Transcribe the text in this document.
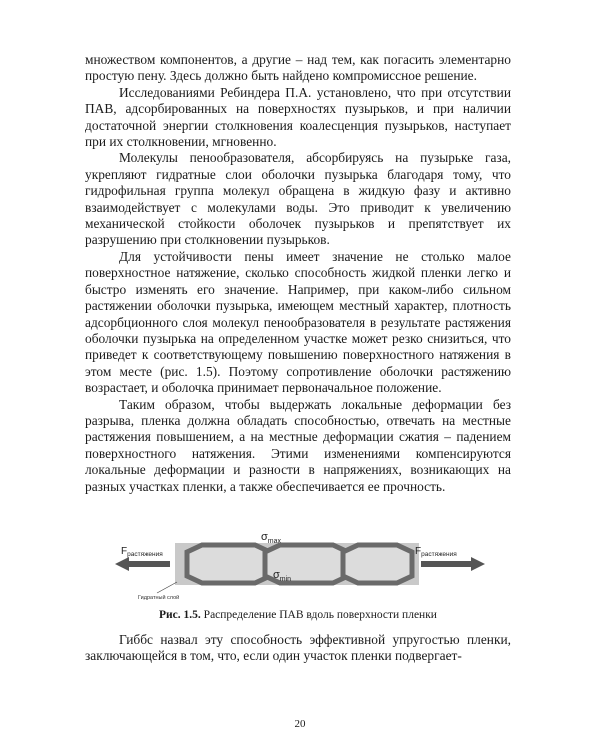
множеством компонентов, а другие – над тем, как погасить элементарно простую пену. Здесь должно быть найдено компромиссное решение.

Исследованиями Ребиндера П.А. установлено, что при отсутствии ПАВ, адсорбированных на поверхностях пузырьков, и при наличии достаточной энергии столкновения коалесценция пузырьков, наступает при их столкновении, мгновенно.

Молекулы пенообразователя, абсорбируясь на пузырьке газа, укрепляют гидратные слои оболочки пузырька благодаря тому, что гидрофильная группа молекул обращена в жидкую фазу и активно взаимодействует с молекулами воды. Это приводит к увеличению механической стойкости оболочек пузырьков и препятствует их разрушению при столкновении пузырьков.

Для устойчивости пены имеет значение не столько малое поверхностное натяжение, сколько способность жидкой пленки легко и быстро изменять его значение. Например, при каком-либо сильном растяжении оболочки пузырька, имеющем местный характер, плотность адсорбционного слоя молекул пенообразователя в результате растяжения оболочки пузырька на определенном участке может резко снизиться, что приведет к соответствующему повышению поверхностного натяжения в этом месте (рис. 1.5). Поэтому сопротивление оболочки растяжению возрастает, и оболочка принимает первоначальное положение.

Таким образом, чтобы выдержать локальные деформации без разрыва, пленка должна обладать способностью, отвечать на местные растяжения повышением, а на местные деформации сжатия – падением поверхностного натяжения. Этими изменениями компенсируются локальные деформации и разности в напряжениях, возникающих на разных участках пленки, а также обеспечивается ее прочность.

$F_{растяжения}$	$F_{растяжения}$
$\sigma_{max}$
$\sigma_{min}$
Гидратный слой
Рис. 1.5. Распределение ПАВ вдоль поверхности пленки

Гиббс назвал эту способность эффективной упругостью пленки, заключающейся в том, что, если один участок пленки подвергает-

20
